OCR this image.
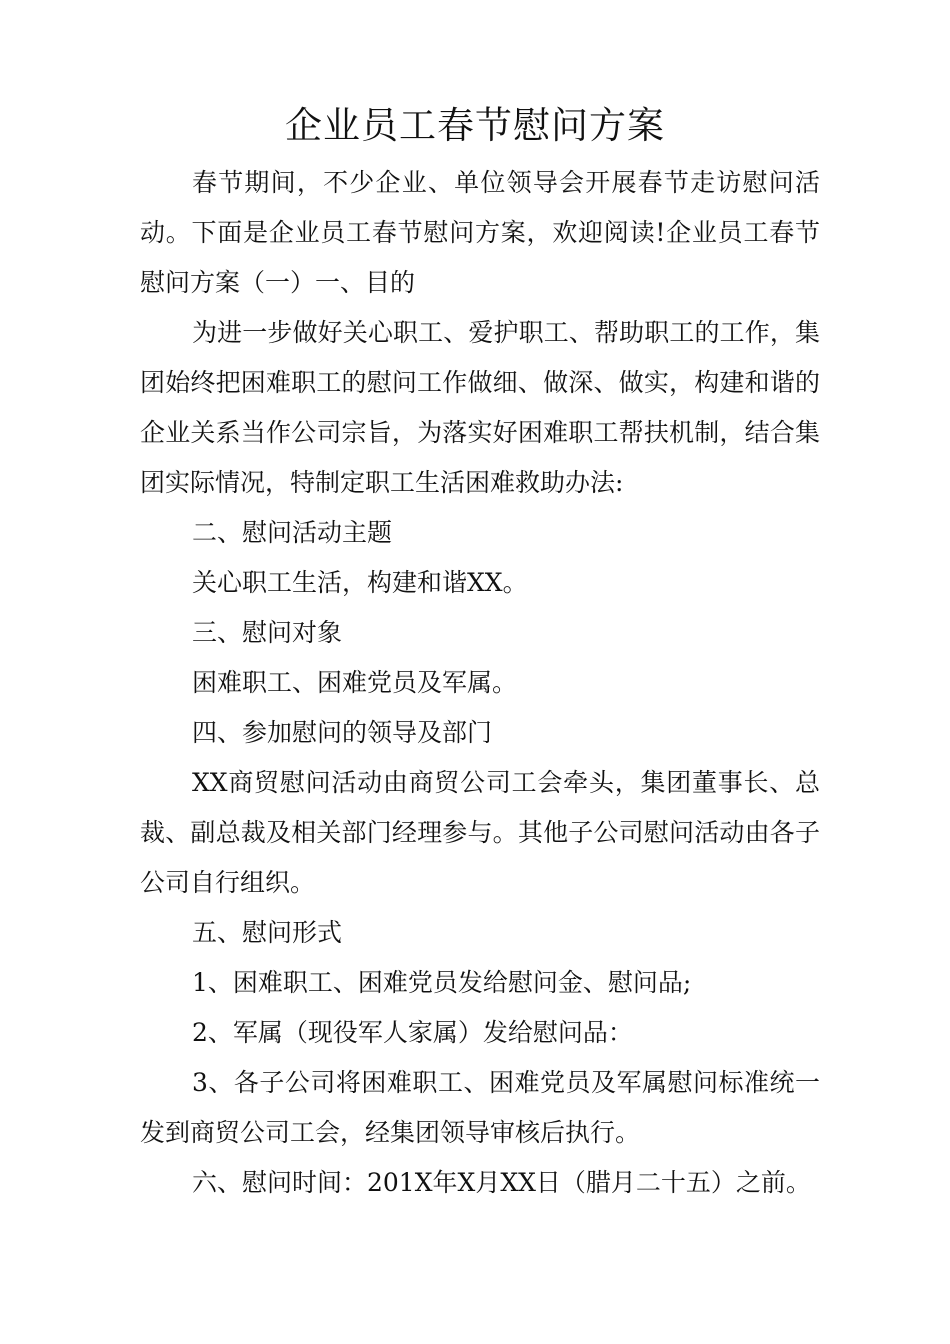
企业员工春节慰问方案

春节期间，不少企业、单位领导会开展春节走访慰问活动。下面是企业员工春节慰问方案，欢迎阅读!企业员工春节慰问方案（一）一、目的

为进一步做好关心职工、爱护职工、帮助职工的工作，集团始终把困难职工的慰问工作做细、做深、做实，构建和谐的企业关系当作公司宗旨，为落实好困难职工帮扶机制，结合集团实际情况，特制定职工生活困难救助办法:

二、慰问活动主题

关心职工生活，构建和谐XX。

三、慰问对象

困难职工、困难党员及军属。

四、参加慰问的领导及部门

XX商贸慰问活动由商贸公司工会牵头，集团董事长、总裁、副总裁及相关部门经理参与。其他子公司慰问活动由各子公司自行组织。

五、慰问形式

1、困难职工、困难党员发给慰问金、慰问品;

2、军属（现役军人家属）发给慰问品：

3、各子公司将困难职工、困难党员及军属慰问标准统一发到商贸公司工会，经集团领导审核后执行。

六、慰问时间：201X年X月XX日（腊月二十五）之前。
